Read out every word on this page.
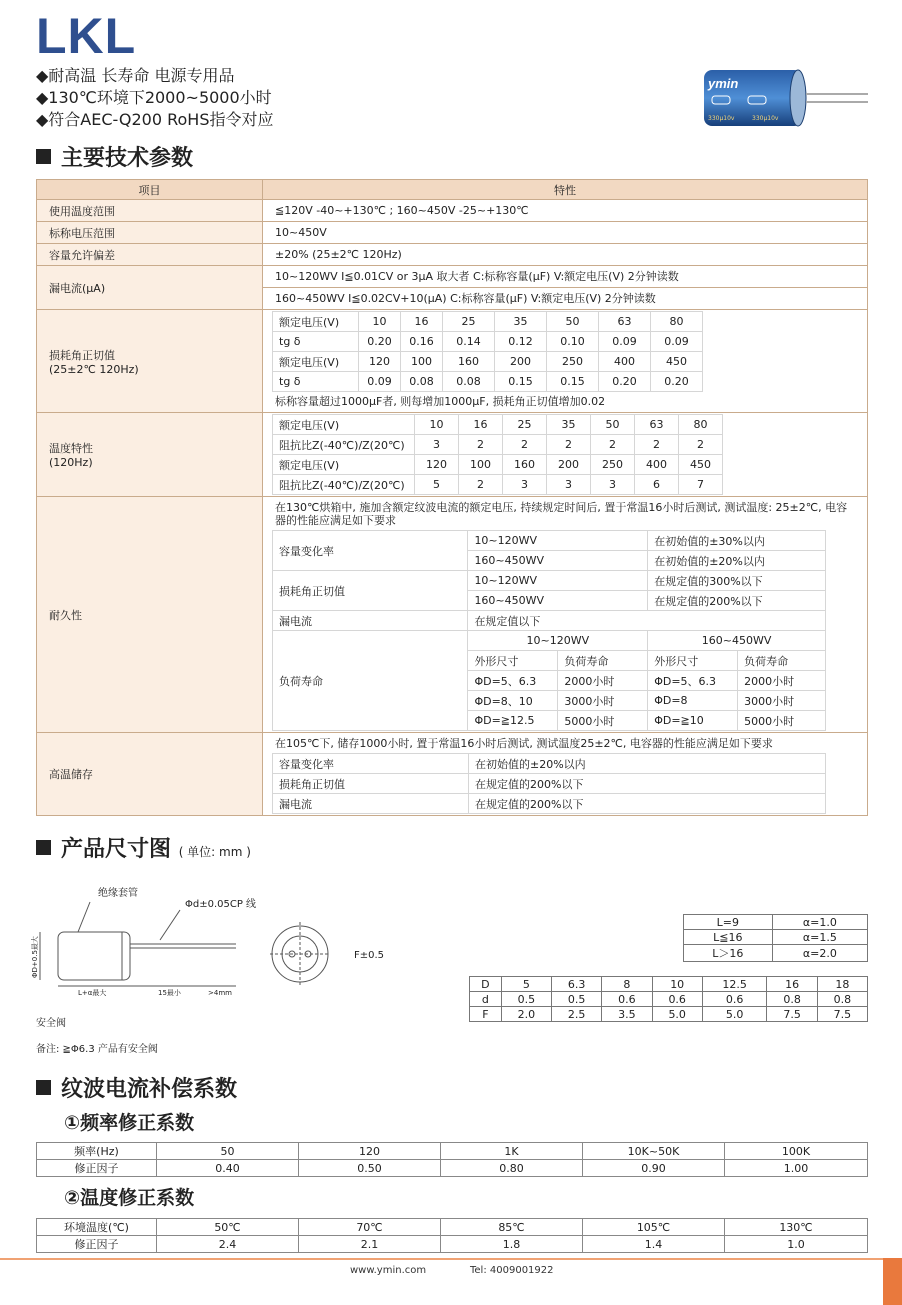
LKL
◆耐高温 长寿命 电源专用品
◆130℃环境下2000~5000小时
◆符合AEC-Q200 RoHS指令对应
ymin
330μ10v	330μ10v
主要技术参数
项目	特性
使用温度范围	≦120V -40~+130℃ ; 160~450V -25~+130℃
标称电压范围	10~450V
容量允许偏差	±20% (25±2℃ 120Hz)
漏电流(μA)	10~120WV I≦0.01CV or 3μA 取大者 C:标称容量(μF) V:额定电压(V) 2分钟读数
160~450WV I≦0.02CV+10(μA) C:标称容量(μF) V:额定电压(V) 2分钟读数
损耗角正切值
(25±2℃ 120Hz)	
额定电压(V)	10	16	25	35	50	63	80
tg δ	0.20	0.16	0.14	0.12	0.10	0.09	0.09
额定电压(V)	120	100	160	200	250	400	450
tg δ	0.09	0.08	0.08	0.15	0.15	0.20	0.20
标称容量超过1000μF者, 则每增加1000μF, 损耗角正切值增加0.02

温度特性
(120Hz)	
额定电压(V)	10	16	25	35	50	63	80
阻抗比Z(-40℃)/Z(20℃)	3	2	2	2	2	2	2
额定电压(V)	120	100	160	200	250	400	450
阻抗比Z(-40℃)/Z(20℃)	5	2	3	3	3	6	7

耐久性	
在130℃烘箱中, 施加含额定纹波电流的额定电压, 持续规定时间后, 置于常温16小时后测试, 测试温度: 25±2℃, 电容器的性能应满足如下要求
容量变化率	10~120WV	在初始值的±30%以内
160~450WV	在初始值的±20%以内
损耗角正切值	10~120WV	在规定值的300%以下
160~450WV	在规定值的200%以下
漏电流	在规定值以下
负荷寿命	10~120WV	160~450WV
外形尺寸	负荷寿命	外形尺寸	负荷寿命
ΦD=5、6.3	2000小时	ΦD=5、6.3	2000小时
ΦD=8、10	3000小时	ΦD=8	3000小时
ΦD=≧12.5	5000小时	ΦD=≧10	5000小时

高温储存	
在105℃下, 储存1000小时, 置于常温16小时后测试, 测试温度25±2℃, 电容器的性能应满足如下要求
容量变化率	在初始值的±20%以内
损耗角正切值	在规定值的200%以下
漏电流	在规定值的200%以下
产品尺寸图 ( 单位: mm )
绝缘套管
Φd±0.05CP 线
ΦD+0.5最大
L+α最大	15最小	>4mm
安全阀
F±0.5
备注: ≧Φ6.3 产品有安全阀
L=9	α=1.0
L≦16	α=1.5
L＞16	α=2.0
D	5	6.3	8	10	12.5	16	18
d	0.5	0.5	0.6	0.6	0.6	0.8	0.8
F	2.0	2.5	3.5	5.0	5.0	7.5	7.5
纹波电流补偿系数
①频率修正系数
频率(Hz)	50	120	1K	10K~50K	100K
修正因子	0.40	0.50	0.80	0.90	1.00
②温度修正系数
环境温度(℃)	50℃	70℃	85℃	105℃	130℃
修正因子	2.4	2.1	1.8	1.4	1.0
www.ymin.com	Tel: 4009001922
